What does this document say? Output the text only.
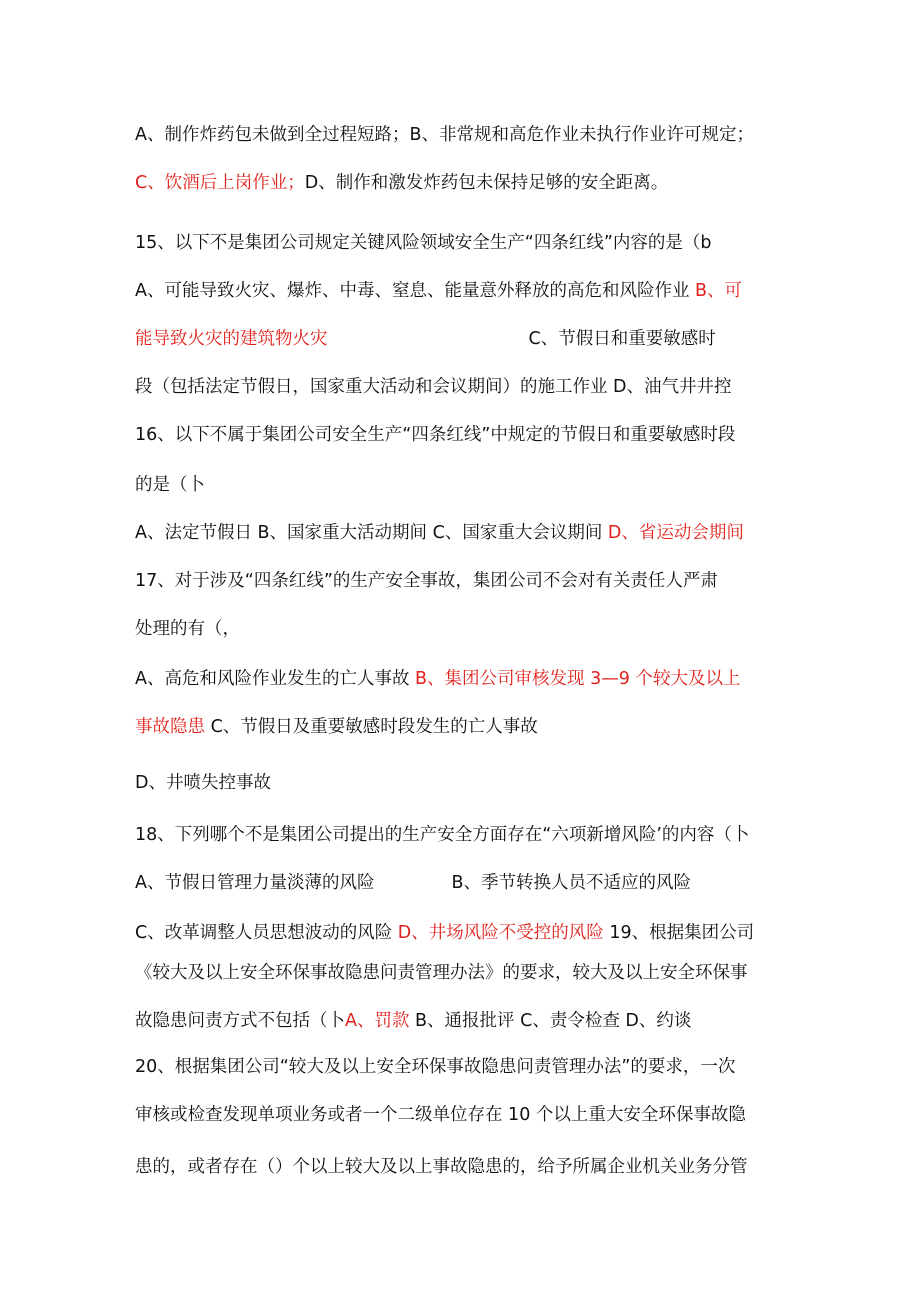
A、制作炸药包未做到全过程短路；B、非常规和高危作业未执行作业许可规定；
C、饮酒后上岗作业；D、制作和激发炸药包未保持足够的安全距离。
15、以下不是集团公司规定关键风险领域安全生产“四条红线”内容的是（b
A、可能导致火灾、爆炸、中毒、窒息、能量意外释放的高危和风险作业 B、可
能导致火灾的建筑物火灾	C、节假日和重要敏感时
段（包括法定节假日，国家重大活动和会议期间）的施工作业 D、油气井井控
16、以下不属于集团公司安全生产“四条红线”中规定的节假日和重要敏感时段
的是（卜
A、法定节假日 B、国家重大活动期间 C、国家重大会议期间 D、省运动会期间
17、对于涉及“四条红线”的生产安全事故，集团公司不会对有关责任人严肃
处理的有（，
A、高危和风险作业发生的亡人事故 B、集团公司审核发现 3—9 个较大及以上
事故隐患 C、节假日及重要敏感时段发生的亡人事故
D、井喷失控事故
18、下列哪个不是集团公司提出的生产安全方面存在“六项新增风险’的内容（卜
A、节假日管理力量淡薄的风险	B、季节转换人员不适应的风险
C、改革调整人员思想波动的风险 D、井场风险不受控的风险 19、根据集团公司
《较大及以上安全环保事故隐患问责管理办法》的要求，较大及以上安全环保事
故隐患问责方式不包括（卜A、罚款 B、通报批评 C、责令检查 D、约谈
20、根据集团公司“较大及以上安全环保事故隐患问责管理办法”的要求，一次
审核或检查发现单项业务或者一个二级单位存在 10 个以上重大安全环保事故隐
患的，或者存在（）个以上较大及以上事故隐患的，给予所属企业机关业务分管
